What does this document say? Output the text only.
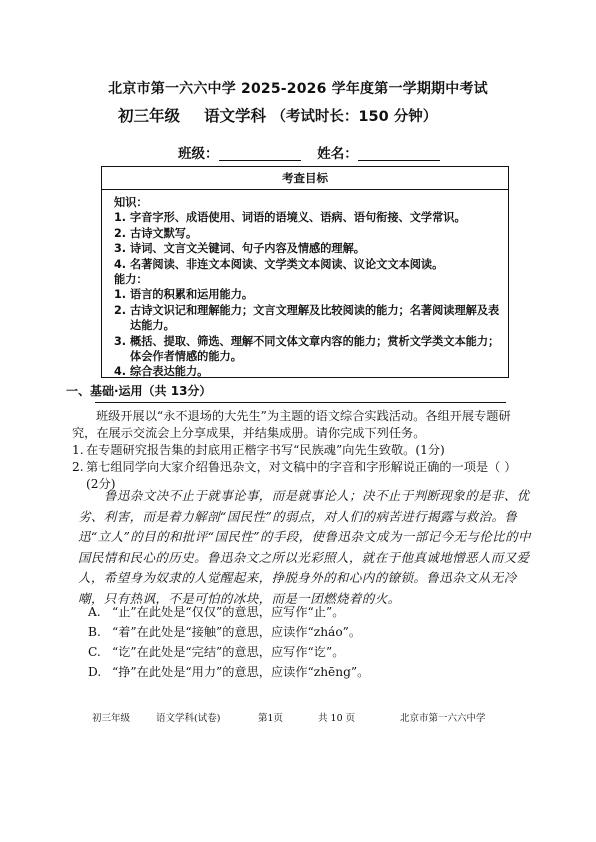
北京市第一六六中学 2025-2026 学年度第一学期期中考试
初三年级 语文学科 （考试时长：150 分钟）
班级：	姓名：
考查目标

知识：

1. 字音字形、成语使用、词语的语境义、语病、语句衔接、文学常识。

2. 古诗文默写。

3. 诗词、文言文关键词、句子内容及情感的理解。

4. 名著阅读、非连文本阅读、文学类文本阅读、议论文文本阅读。

能力：

1. 语言的积累和运用能力。

2. 古诗文识记和理解能力；文言文理解及比较阅读的能力；名著阅读理解及表达能力。

3. 概括、提取、筛选、理解不同文体文章内容的能力；赏析文学类文本能力；体会作者情感的能力。

4. 综合表达能力。

一、基础·运用（共 13分）
班级开展以“永不退场的大先生”为主题的语文综合实践活动。各组开展专题研究，在展示交流会上分享成果，并结集成册。请你完成下列任务。
1. 在专题研究报告集的封底用正楷字书写“民族魂”向先生致敬。(1分)
2. 第七组同学向大家介绍鲁迅杂文，对文稿中的字音和字形解说正确的一项是（ ）
(2分)
鲁迅杂文决不止于就事论事，而是就事论人；决不止于判断现象的是非、优劣、利害，而是着力解剖“国民性”的弱点，对人们的病苦进行揭露与救治。鲁迅“立人”的目的和批评“国民性”的手段，使鲁迅杂文成为一部记今无与伦比的中国民情和民心的历史。鲁迅杂文之所以光彩照人，就在于他真诚地憎恶人而又爱人，希望身为奴隶的人觉醒起来，挣脱身外的和心内的镣锁。鲁迅杂文从无冷嘲，只有热讽，不是可怕的冰块，而是一团燃烧着的火。
A. “止”在此处是“仅仅”的意思，应写作“止”。
B. “着”在此处是“接触”的意思，应读作“zháo”。
C. “讫”在此处是“完结”的意思，应写作“讫”。
D. “挣”在此处是“用力”的意思，应读作“zhēng”。
初三年级	语文学科(试卷)	第1页	共 10 页	北京市第一六六中学
